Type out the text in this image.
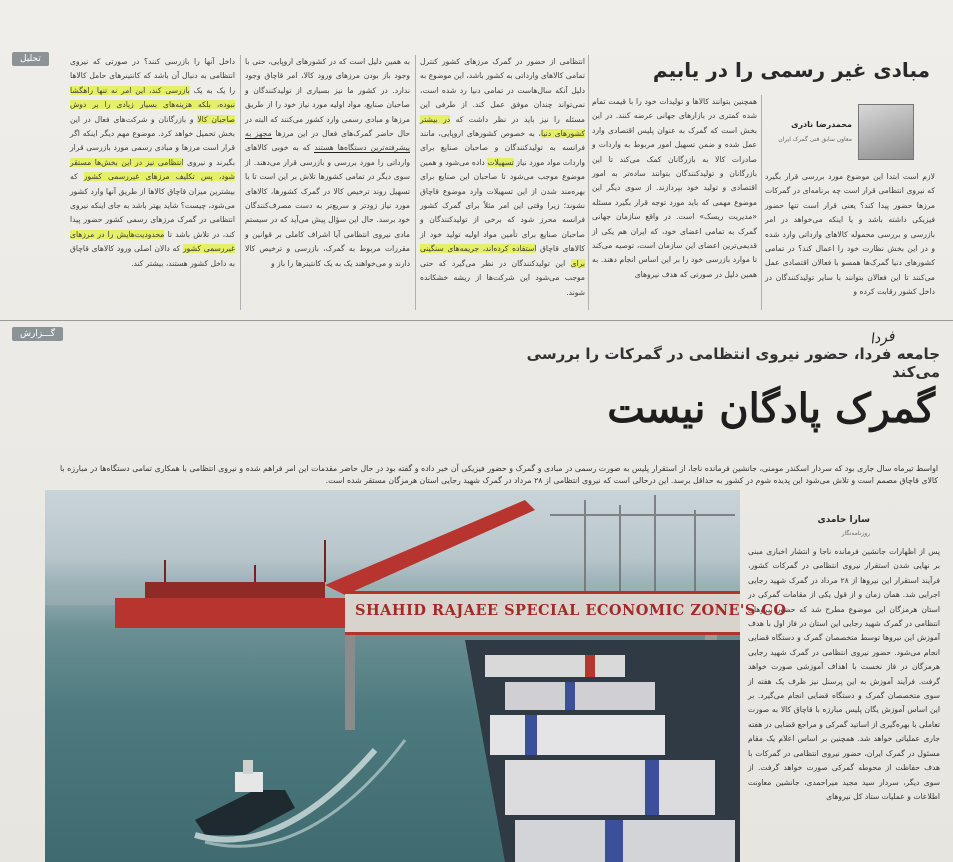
تحلیل
گـــزارش
مبادی غیر رسمی را در یابیم
محمدرضا نادری
معاون سابق فنی گمرک ایران
لازم است ابتدا این موضوع مورد بررسی قرار بگیرد که نیروی انتظامی قرار است چه برنامه‌ای در گمرکات مرزها حضور پیدا کند؟ یعنی قرار است تنها حضور فیزیکی داشته باشد و یا اینکه می‌خواهد در امر بازرسی و بررسی محموله کالاهای وارداتی وارد شده و در این بخش نظارت خود را اعمال کند؟ در تمامی کشورهای دنیا گمرک‌ها همسو با فعالان اقتصادی عمل می‌کنند تا این فعالان بتوانند با سایر تولیدکنندگان در داخل کشور رقابت کرده و
همچنین بتوانند کالاها و تولیدات خود را با قیمت تمام شده کمتری در بازارهای جهانی عرضه کنند. در این بخش است که گمرک به عنوان پلیس اقتصادی وارد عمل شده و ضمن تسهیل امور مربوط به واردات و صادرات کالا به بازرگانان کمک می‌کند تا این بازرگانان و تولیدکنندگان بتوانند ساده‌تر به امور اقتصادی و تولید خود بپردازند. از سوی دیگر این موضوع مهمی که باید مورد توجه قرار بگیرد مسئله «مدیریت ریسک» است. در واقع سازمان جهانی گمرک به تمامی اعضای خود، که ایران هم یکی از قدیمی‌ترین اعضای این سازمان است، توصیه می‌کند تا موارد بازرسی خود را بر این اساس انجام دهند. به همین دلیل در صورتی که هدف نیروهای
انتظامی از حضور در گمرک مرزهای کشور کنترل تمامی کالاهای وارداتی به کشور باشد، این موضوع به دلیل آنکه سال‌هاست در تمامی دنیا رد شده است، نمی‌تواند چندان موفق عمل کند. از طرفی این مسئله را نیز باید در نظر داشت که در بیشتر کشورهای دنیا، به خصوص کشورهای اروپایی، مانند فرانسه به تولیدکنندگان و صاحبان صنایع برای واردات مواد مورد نیاز تسهیلات داده می‌شود و همین موضوع موجب می‌شود تا صاحبان این صنایع برای بهره‌مند شدن از این تسهیلات وارد موضوع قاچاق نشوند؛ زیرا وقتی این امر مثلاً برای گمرک کشور فرانسه محرز شود که برخی از تولیدکنندگان و صاحبان صنایع برای تأمین مواد اولیه تولید خود از کالاهای قاچاق استفاده کرده‌اند، جریمه‌های سنگینی برای این تولیدکنندگان در نظر می‌گیرد که حتی موجب می‌شود این شرکت‌ها از ریشه خشکانده شوند.
به همین دلیل است که در کشورهای اروپایی، حتی با وجود باز بودن مرزهای ورود کالا، امر قاچاق وجود ندارد. در کشور ما نیز بسیاری از تولیدکنندگان و صاحبان صنایع، مواد اولیه مورد نیاز خود را از طریق مرزها و مبادی رسمی وارد کشور می‌کنند که البته در حال حاضر گمرک‌های فعال در این مرزها مجهز به پیشرفته‌ترین دستگاه‌ها هستند که به خوبی کالاهای وارداتی را مورد بررسی و بازرسی قرار می‌دهند. از سوی دیگر در تمامی کشورها تلاش بر این است تا با تسهیل روند ترخیص کالا در گمرک کشورها، کالاهای مورد نیاز زودتر و سریع‌تر به دست مصرف‌کنندگان خود برسد. حال این سؤال پیش می‌آید که در سیستم مادی نیروی انتظامی آیا اشراف کاملی بر قوانین و مقررات مربوط به گمرک، بازرسی و ترخیص کالا دارند و می‌خواهند یک به یک کانتینرها را باز و
داخل آنها را بازرسی کنند؟ در صورتی که نیروی انتظامی به دنبال آن باشد که کانتینرهای حامل کالاها را یک به یک بازرسی کند، این امر نه تنها راهگشا نبوده، بلکه هزینه‌های بسیار زیادی را بر دوش صاحبان کالا و بازرگانان و شرکت‌های فعال در این بخش تحمیل خواهد کرد. موضوع مهم دیگر اینکه اگر قرار است مرزها و مبادی رسمی مورد بازرسی قرار بگیرند و نیروی انتظامی نیز در این بخش‌ها مستقر شود، پس تکلیف مرزهای غیررسمی کشور که بیشترین میزان قاچاق کالاها از طریق آنها وارد کشور می‌شود، چیست؟ شاید بهتر باشد به جای اینکه نیروی انتظامی در گمرک مرزهای رسمی کشور حضور پیدا کند، در تلاش باشد تا محدودیت‌هایش را در مرزهای غیررسمی کشور که دالان اصلی ورود کالاهای قاچاق به داخل کشور هستند، بیشتر کند.
جامعه فردا، حضور نیروی انتظامی در گمرکات را بررسی می‌کند
فردا
گمرک پادگان نیست
اواسط تیرماه سال جاری بود که سردار اسکندر مومنی، جانشین فرمانده ناجا، از استقرار پلیس به صورت رسمی در مبادی و گمرک و حضور فیزیکی آن خبر داده و گفته بود در حال حاضر مقدمات این امر فراهم شده و نیروی انتظامی با همکاری تمامی دستگاه‌ها در مبارزه با کالای قاچاق مصمم است و تلاش می‌شود این پدیده شوم در کشور به حداقل برسد. این درحالی است که نیروی انتظامی از ۲۸ مرداد در گمرک شهید رجایی استان هرمزگان مستقر شده است.
سارا حامدی
روزنامه‌نگار
پس از اظهارات جانشین فرمانده ناجا و انتشار اخباری مبنی بر نهایی شدن استقرار نیروی انتظامی در گمرکات کشور، فرآیند استقرار این نیروها از ۲۸ مرداد در گمرک شهید رجایی اجرایی شد. همان زمان و از قول یکی از مقامات گمرکی در استان هرمزگان این موضوع مطرح شد که حضور نیروهای انتظامی در گمرک شهید رجایی این استان در فاز اول با هدف آموزش این نیروها توسط متخصصان گمرک و دستگاه قضایی انجام می‌شود. حضور نیروی انتظامی در گمرک شهید رجایی هرمزگان در فاز نخست با اهداف آموزشی صورت خواهد گرفت. فرآیند آموزش به این پرسنل نیز ظرف یک هفته از سوی متخصصان گمرک و دستگاه قضایی انجام می‌گیرد. بر این اساس آموزش یگان پلیس مبارزه با قاچاق کالا به صورت تعاملی با بهره‌گیری از اساتید گمرکی و مراجع قضایی در هفته جاری عملیاتی خواهد شد. همچنین بر اساس اعلام یک مقام مسئول در گمرک ایران، حضور نیروی انتظامی در گمرکات با هدف حفاظت از محوطه گمرکی صورت خواهد گرفت. از سوی دیگر، سردار سید مجید میراحمدی، جانشین معاونت اطلاعات و عملیات ستاد کل نیروهای
SHAHID RAJAEE SPECIAL ECONOMIC ZONE'S CO
